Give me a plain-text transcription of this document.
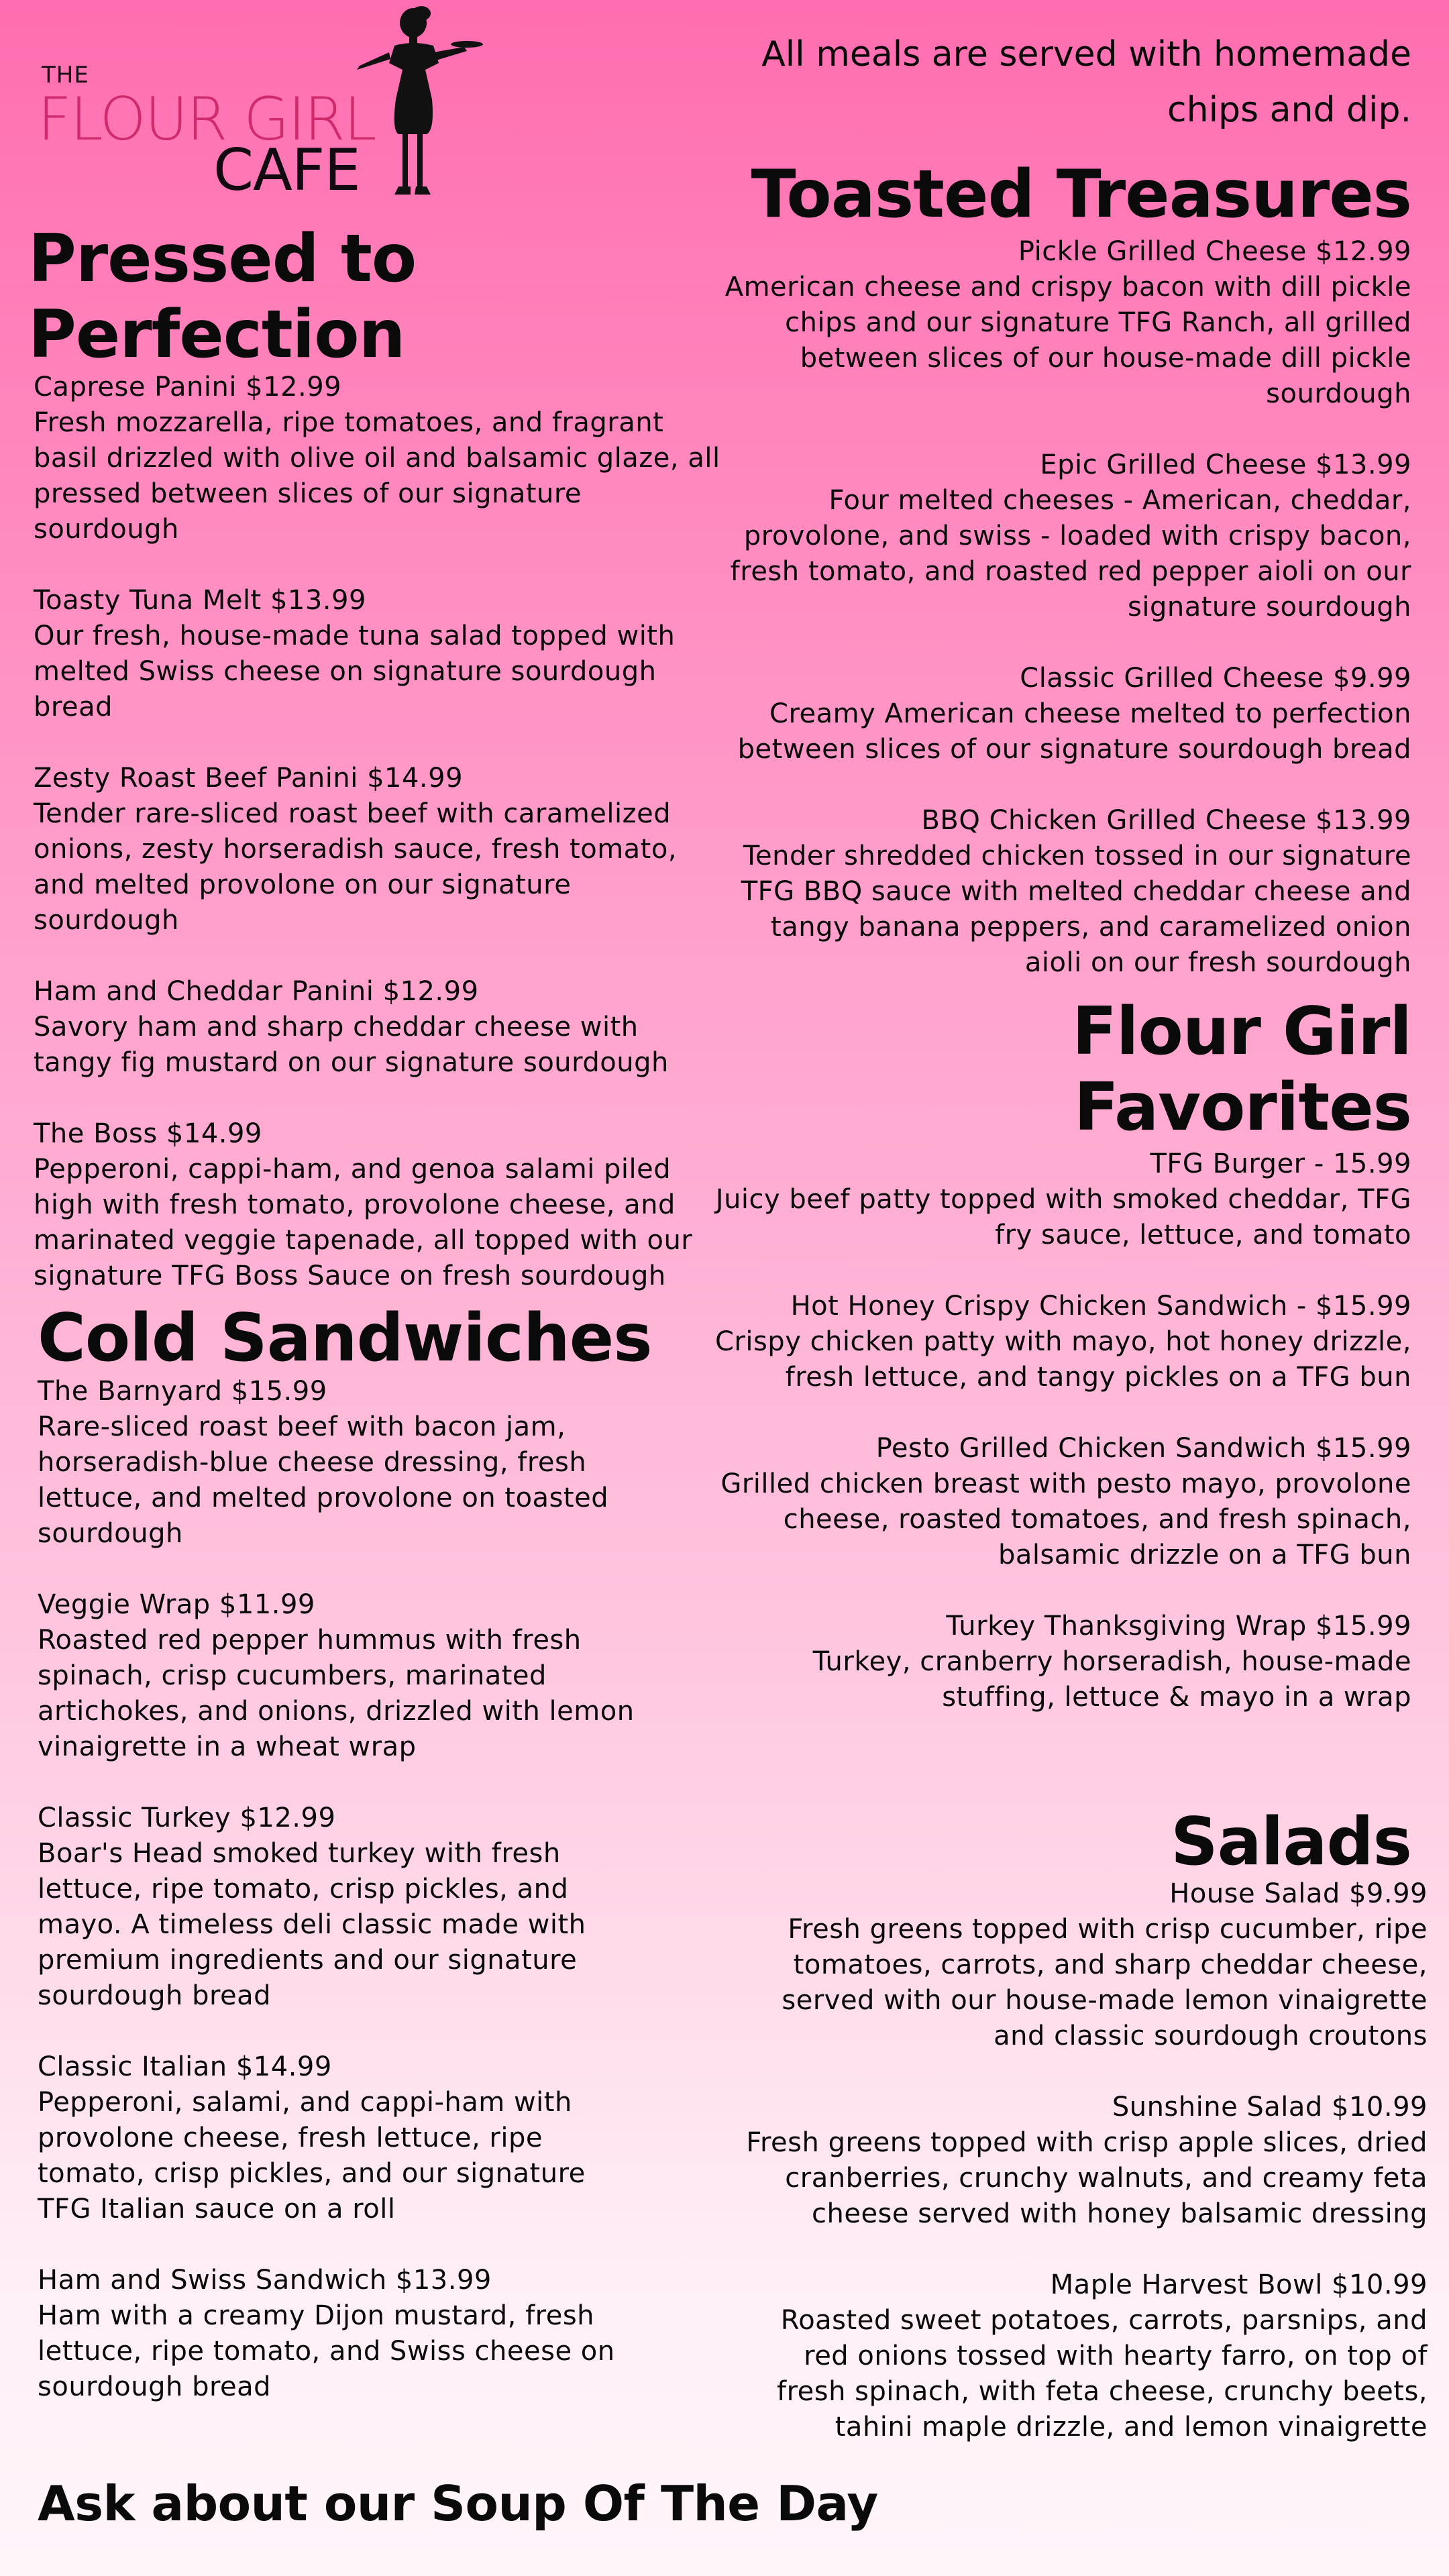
THE
FLOUR GIRL
CAFE
Pressed to Perfection
Caprese Panini $12.99
Fresh mozzarella, ripe tomatoes, and fragrant basil drizzled with olive oil and balsamic glaze, all pressed between slices of our signature sourdough
Toasty Tuna Melt $13.99
Our fresh, house-made tuna salad topped with melted Swiss cheese on signature sourdough bread
Zesty Roast Beef Panini $14.99
Tender rare-sliced roast beef with caramelized onions, zesty horseradish sauce, fresh tomato, and melted provolone on our signature sourdough
Ham and Cheddar Panini $12.99
Savory ham and sharp cheddar cheese with tangy fig mustard on our signature sourdough
The Boss $14.99
Pepperoni, cappi-ham, and genoa salami piled high with fresh tomato, provolone cheese, and marinated veggie tapenade, all topped with our signature TFG Boss Sauce on fresh sourdough
Cold Sandwiches
The Barnyard $15.99
Rare-sliced roast beef with bacon jam, horseradish-blue cheese dressing, fresh lettuce, and melted provolone on toasted sourdough
Veggie Wrap $11.99
Roasted red pepper hummus with fresh spinach, crisp cucumbers, marinated artichokes, and onions, drizzled with lemon vinaigrette in a wheat wrap
Classic Turkey $12.99
Boar's Head smoked turkey with fresh lettuce, ripe tomato, crisp pickles, and mayo. A timeless deli classic made with premium ingredients and our signature sourdough bread
Classic Italian $14.99
Pepperoni, salami, and cappi-ham with provolone cheese, fresh lettuce, ripe tomato, crisp pickles, and our signature TFG Italian sauce on a roll
Ham and Swiss Sandwich $13.99
Ham with a creamy Dijon mustard, fresh lettuce, ripe tomato, and Swiss cheese on sourdough bread
All meals are served with homemade chips and dip.
Toasted Treasures
Pickle Grilled Cheese $12.99
American cheese and crispy bacon with dill pickle chips and our signature TFG Ranch, all grilled between slices of our house-made dill pickle sourdough
Epic Grilled Cheese $13.99
Four melted cheeses - American, cheddar, provolone, and swiss - loaded with crispy bacon, fresh tomato, and roasted red pepper aioli on our signature sourdough
Classic Grilled Cheese $9.99
Creamy American cheese melted to perfection between slices of our signature sourdough bread
BBQ Chicken Grilled Cheese $13.99
Tender shredded chicken tossed in our signature TFG BBQ sauce with melted cheddar cheese and tangy banana peppers, and caramelized onion aioli on our fresh sourdough
Flour Girl Favorites
TFG Burger - 15.99
Juicy beef patty topped with smoked cheddar, TFG fry sauce, lettuce, and tomato
Hot Honey Crispy Chicken Sandwich - $15.99
Crispy chicken patty with mayo, hot honey drizzle, fresh lettuce, and tangy pickles on a TFG bun
Pesto Grilled Chicken Sandwich $15.99
Grilled chicken breast with pesto mayo, provolone cheese, roasted tomatoes, and fresh spinach, balsamic drizzle on a TFG bun
Turkey Thanksgiving Wrap $15.99
Turkey, cranberry horseradish, house-made stuffing, lettuce & mayo in a wrap
Salads
House Salad $9.99
Fresh greens topped with crisp cucumber, ripe tomatoes, carrots, and sharp cheddar cheese, served with our house-made lemon vinaigrette and classic sourdough croutons
Sunshine Salad $10.99
Fresh greens topped with crisp apple slices, dried cranberries, crunchy walnuts, and creamy feta cheese served with honey balsamic dressing
Maple Harvest Bowl $10.99
Roasted sweet potatoes, carrots, parsnips, and red onions tossed with hearty farro, on top of fresh spinach, with feta cheese, crunchy beets, tahini maple drizzle, and lemon vinaigrette
Ask about our Soup Of The Day
